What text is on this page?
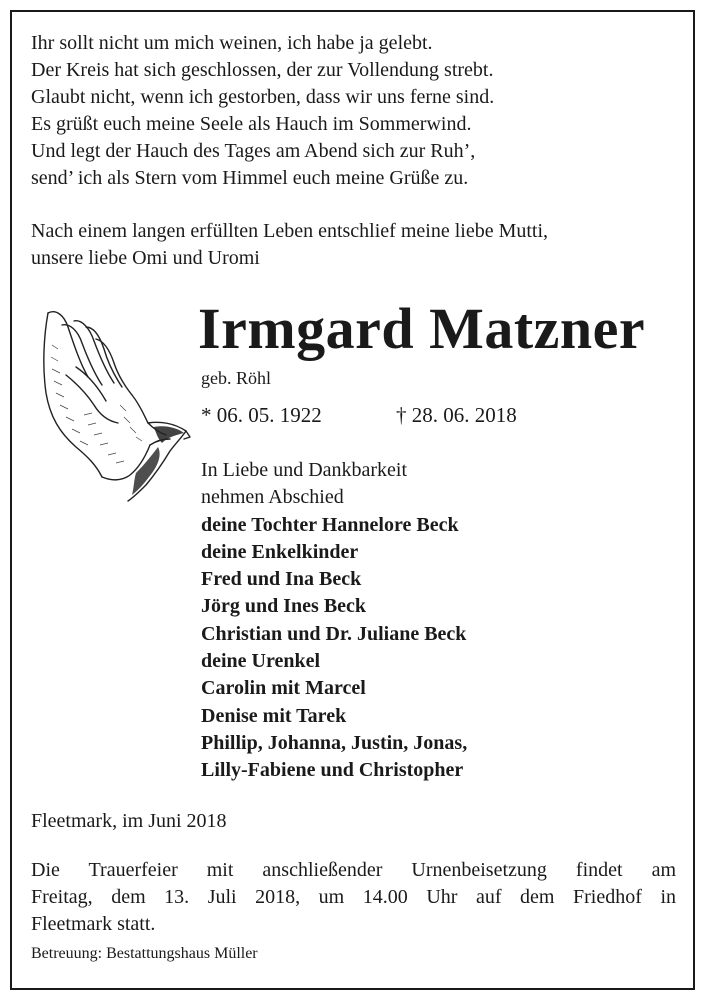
Ihr sollt nicht um mich weinen, ich habe ja gelebt.
Der Kreis hat sich geschlossen, der zur Vollendung strebt.
Glaubt nicht, wenn ich gestorben, dass wir uns ferne sind.
Es grüßt euch meine Seele als Hauch im Sommerwind.
Und legt der Hauch des Tages am Abend sich zur Ruh’,
send’ ich als Stern vom Himmel euch meine Grüße zu.
Nach einem langen erfüllten Leben entschlief meine liebe Mutti,
unsere liebe Omi und Uromi
Irmgard Matzner
geb. Röhl
* 06. 05. 1922	† 28. 06. 2018
In Liebe und Dankbarkeit
nehmen Abschied
deine Tochter Hannelore Beck
deine Enkelkinder
Fred und Ina Beck
Jörg und Ines Beck
Christian und Dr. Juliane Beck
deine Urenkel
Carolin mit Marcel
Denise mit Tarek
Phillip, Johanna, Justin, Jonas,
Lilly-Fabiene und Christopher
Fleetmark, im Juni 2018
Die Trauerfeier mit anschließender Urnenbeisetzung findet am
Freitag, dem 13. Juli 2018, um 14.00 Uhr auf dem Friedhof in
Fleetmark statt.
Betreuung: Bestattungshaus Müller
